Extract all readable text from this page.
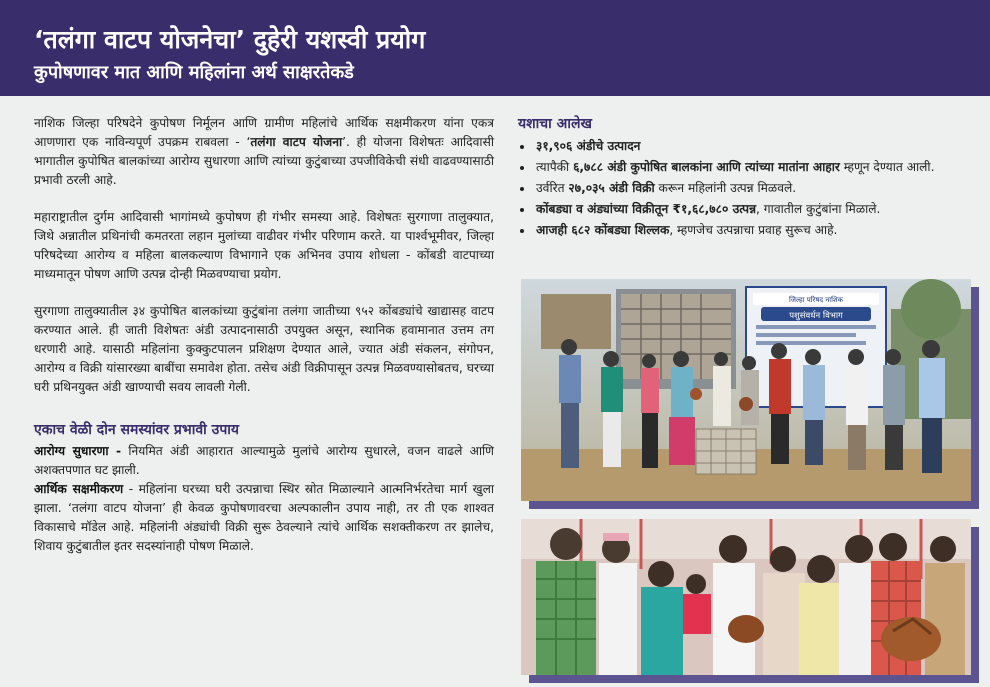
‘तलंगा वाटप योजनेचा’ दुहेरी यशस्वी प्रयोग
कुपोषणावर मात आणि महिलांना अर्थ साक्षरतेकडे

नाशिक जिल्हा परिषदेने कुपोषण निर्मूलन आणि ग्रामीण महिलांचे आर्थिक सक्षमीकरण यांना एकत्र आणणारा एक नाविन्यपूर्ण उपक्रम राबवला - ‘तलंगा वाटप योजना’. ही योजना विशेषतः आदिवासी भागातील कुपोषित बालकांच्या आरोग्य सुधारणा आणि त्यांच्या कुटुंबाच्या उपजीविकेची संधी वाढवण्यासाठी प्रभावी ठरली आहे.

महाराष्ट्रातील दुर्गम आदिवासी भागांमध्ये कुपोषण ही गंभीर समस्या आहे. विशेषतः सुरगाणा तालुक्यात, जिथे अन्नातील प्रथिनांची कमतरता लहान मुलांच्या वाढीवर गंभीर परिणाम करते. या पार्श्वभूमीवर, जिल्हा परिषदेच्या आरोग्य व महिला बालकल्याण विभागाने एक अभिनव उपाय शोधला - कोंबडी वाटपाच्या माध्यमातून पोषण आणि उत्पन्न दोन्ही मिळवण्याचा प्रयोग.

सुरगाणा तालुक्यातील ३४ कुपोषित बालकांच्या कुटुंबांना तलंगा जातीच्या ९५२ कोंबड्यांचे खाद्यासह वाटप करण्यात आले. ही जाती विशेषतः अंडी उत्पादनासाठी उपयुक्त असून, स्थानिक हवामानात उत्तम तग धरणारी आहे. यासाठी महिलांना कुक्कुटपालन प्रशिक्षण देण्यात आले, ज्यात अंडी संकलन, संगोपन, आरोग्य व विक्री यांसारख्या बाबींचा समावेश होता. तसेच अंडी विक्रीपासून उत्पन्न मिळवण्यासोबतच, घरच्या घरी प्रथिनयुक्त अंडी खाण्याची सवय लावली गेली.

एकाच वेळी दोन समस्यांवर प्रभावी उपाय

आरोग्य सुधारणा - नियमित अंडी आहारात आल्यामुळे मुलांचे आरोग्य सुधारले, वजन वाढले आणि अशक्तपणात घट झाली.

आर्थिक सक्षमीकरण - महिलांना घरच्या घरी उत्पन्नाचा स्थिर स्रोत मिळाल्याने आत्मनिर्भरतेचा मार्ग खुला झाला. ‘तलंगा वाटप योजना’ ही केवळ कुपोषणावरचा अल्पकालीन उपाय नाही, तर ती एक शाश्वत विकासाचे मॉडेल आहे. महिलांनी अंड्यांची विक्री सुरू ठेवल्याने त्यांचे आर्थिक सशक्तीकरण तर झालेच, शिवाय कुटुंबातील इतर सदस्यांनाही पोषण मिळाले.

यशाचा आलेख
• ३१,९०६ अंडीचे उत्पादन
• त्यापैकी ६,७८८ अंडी कुपोषित बालकांना आणि त्यांच्या मातांना आहार म्हणून देण्यात आली.
• उर्वरित २७,०३५ अंडी विक्री करून महिलांनी उत्पन्न मिळवले.
• कोंबड्या व अंड्यांच्या विक्रीतून ₹१,६८,७८० उत्पन्न, गावातील कुटुंबांना मिळाले.
• आजही ६८२ कोंबड्या शिल्लक, म्हणजेच उत्पन्नाचा प्रवाह सुरूच आहे.
जिल्हा परिषद नाशिक
पशुसंवर्धन विभाग
